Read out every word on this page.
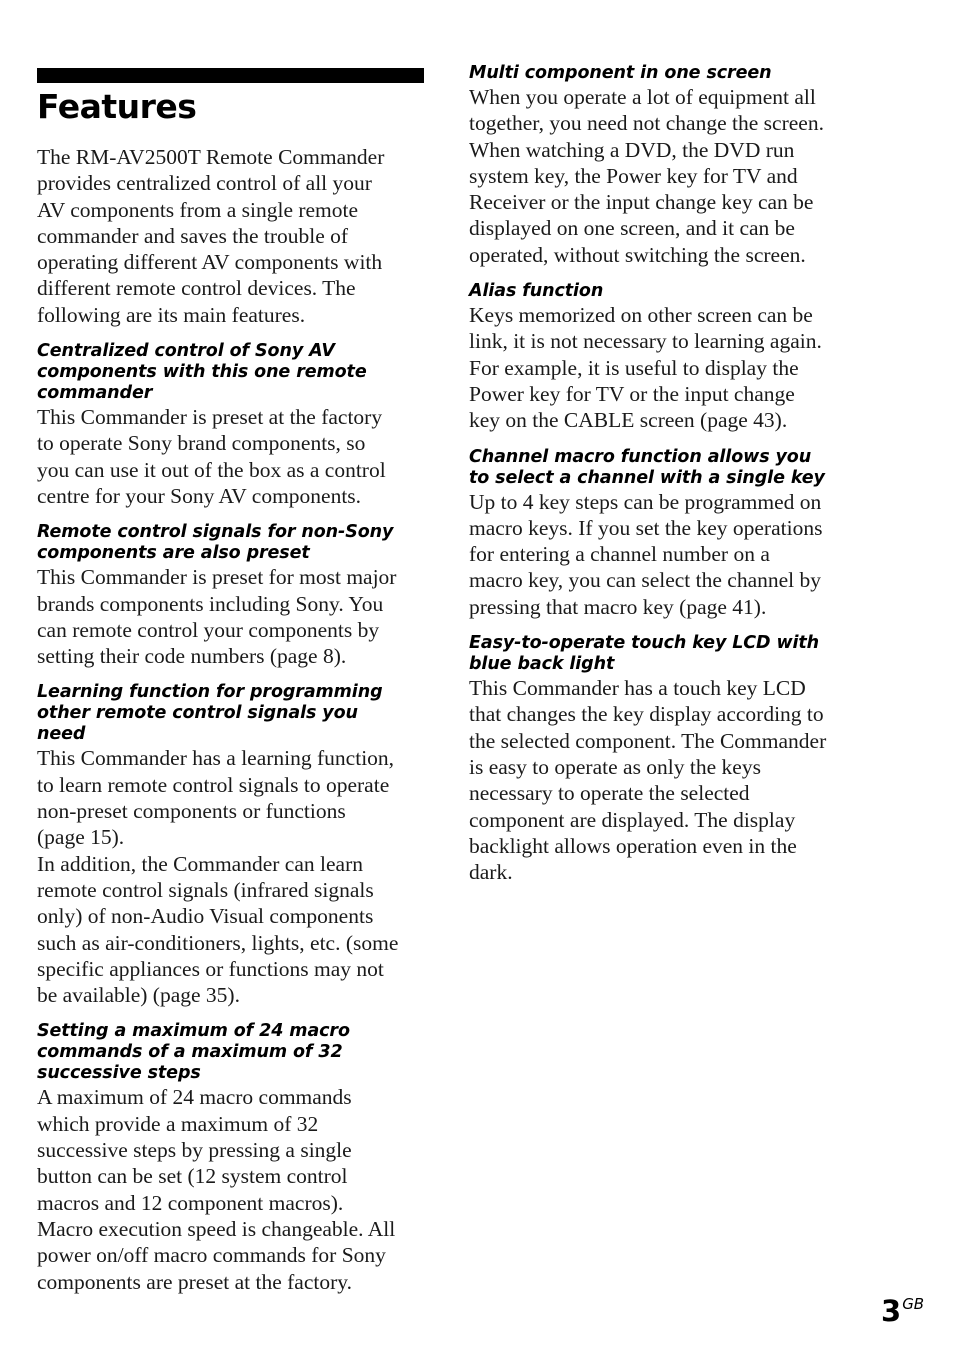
Features

The RM-AV2500T Remote Commander
provides centralized control of all your
AV components from a single remote
commander and saves the trouble of
operating different AV components with
different remote control devices. The
following are its main features.

Centralized control of Sony AV
components with this one remote
commander

This Commander is preset at the factory
to operate Sony brand components, so
you can use it out of the box as a control
centre for your Sony AV components.

Remote control signals for non-Sony
components are also preset

This Commander is preset for most major
brands components including Sony. You
can remote control your components by
setting their code numbers (page 8).

Learning function for programming
other remote control signals you
need

This Commander has a learning function,
to learn remote control signals to operate
non-preset components or functions
(page 15).
In addition, the Commander can learn
remote control signals (infrared signals
only) of non-Audio Visual components
such as air-conditioners, lights, etc. (some
specific appliances or functions may not
be available) (page 35).

Setting a maximum of 24 macro
commands of a maximum of 32
successive steps

A maximum of 24 macro commands
which provide a maximum of 32
successive steps by pressing a single
button can be set (12 system control
macros and 12 component macros).
Macro execution speed is changeable. All
power on/off macro commands for Sony
components are preset at the factory.

Multi component in one screen

When you operate a lot of equipment all
together, you need not change the screen.
When watching a DVD, the DVD run
system key, the Power key for TV and
Receiver or the input change key can be
displayed on one screen, and it can be
operated, without switching the screen.

Alias function

Keys memorized on other screen can be
link, it is not necessary to learning again.
For example, it is useful to display the
Power key for TV or the input change
key on the CABLE screen (page 43).

Channel macro function allows you
to select a channel with a single key

Up to 4 key steps can be programmed on
macro keys. If you set the key operations
for entering a channel number on a
macro key, you can select the channel by
pressing that macro key (page 41).

Easy-to-operate touch key LCD with
blue back light

This Commander has a touch key LCD
that changes the key display according to
the selected component. The Commander
is easy to operate as only the keys
necessary to operate the selected
component are displayed. The display
backlight allows operation even in the
dark.

$3^{GB}$
